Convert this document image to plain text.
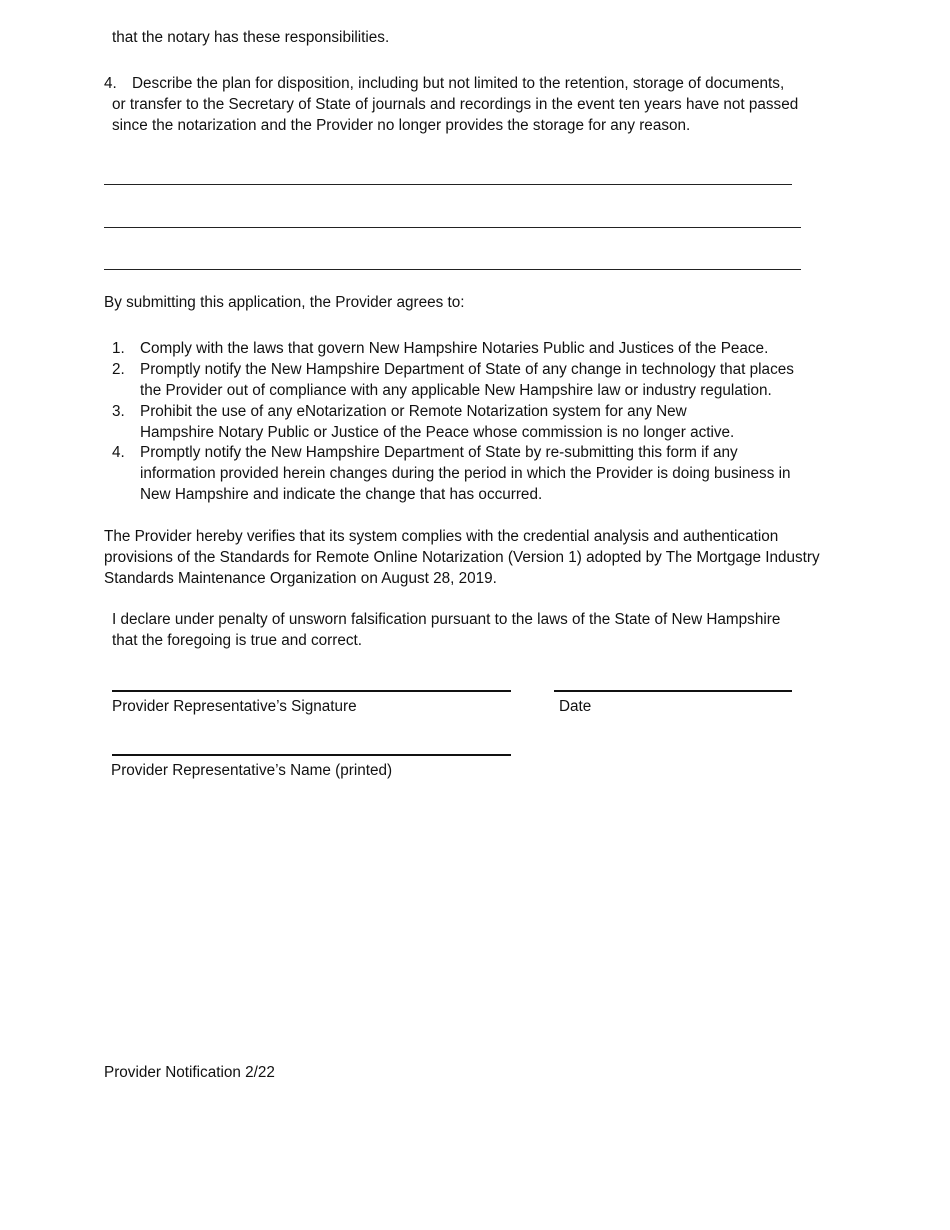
that the notary has these responsibilities.
4. Describe the plan for disposition, including but not limited to the retention, storage of documents,
or transfer to the Secretary of State of journals and recordings in the event ten years have not passed
since the notarization and the Provider no longer provides the storage for any reason.
By submitting this application, the Provider agrees to:
1. Comply with the laws that govern New Hampshire Notaries Public and Justices of the Peace.
2. Promptly notify the New Hampshire Department of State of any change in technology that places
the Provider out of compliance with any applicable New Hampshire law or industry regulation.
3. Prohibit the use of any eNotarization or Remote Notarization system for any New
Hampshire Notary Public or Justice of the Peace whose commission is no longer active.
4. Promptly notify the New Hampshire Department of State by re-submitting this form if any
information provided herein changes during the period in which the Provider is doing business in
New Hampshire and indicate the change that has occurred.
The Provider hereby verifies that its system complies with the credential analysis and authentication
provisions of the Standards for Remote Online Notarization (Version 1) adopted by The Mortgage Industry
Standards Maintenance Organization on August 28, 2019.
I declare under penalty of unsworn falsification pursuant to the laws of the State of New Hampshire
that the foregoing is true and correct.
Provider Representative’s Signature	Date
Provider Representative’s Name (printed)
Provider Notification 2/22
